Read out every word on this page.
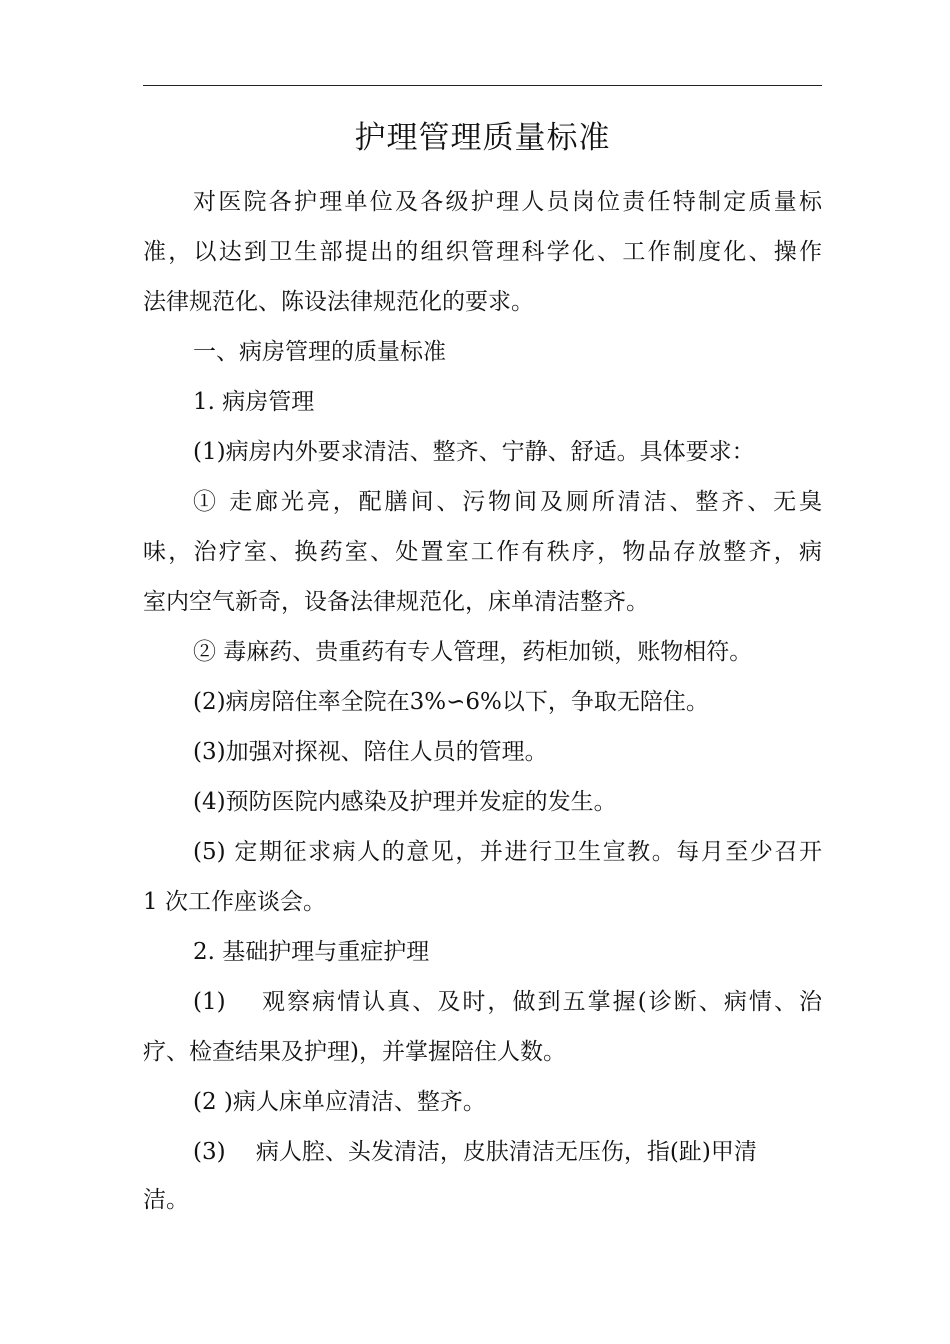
护理管理质量标准
对医院各护理单位及各级护理人员岗位责任特制定质量标
准，以达到卫生部提出的组织管理科学化、工作制度化、操作
法律规范化、陈设法律规范化的要求。
一、病房管理的质量标准
1. 病房管理
(1)病房内外要求清洁、整齐、宁静、舒适。具体要求：
① 走廊光亮，配膳间、污物间及厕所清洁、整齐、无臭
味，治疗室、换药室、处置室工作有秩序，物品存放整齐，病
室内空气新奇，设备法律规范化，床单清洁整齐。
② 毒麻药、贵重药有专人管理，药柜加锁，账物相符。
(2)病房陪住率全院在3%∽6%以下，争取无陪住。
(3)加强对探视、陪住人员的管理。
(4)预防医院内感染及护理并发症的发生。
(5) 定期征求病人的意见，并进行卫生宣教。每月至少召开
1 次工作座谈会。
2. 基础护理与重症护理
(1)　 观察病情认真、及时，做到五掌握(诊断、病情、治
疗、检查结果及护理)，并掌握陪住人数。
(2 )病人床单应清洁、整齐。
(3)　 病人腔、头发清洁，皮肤清洁无压伤，指(趾)甲清
洁。
